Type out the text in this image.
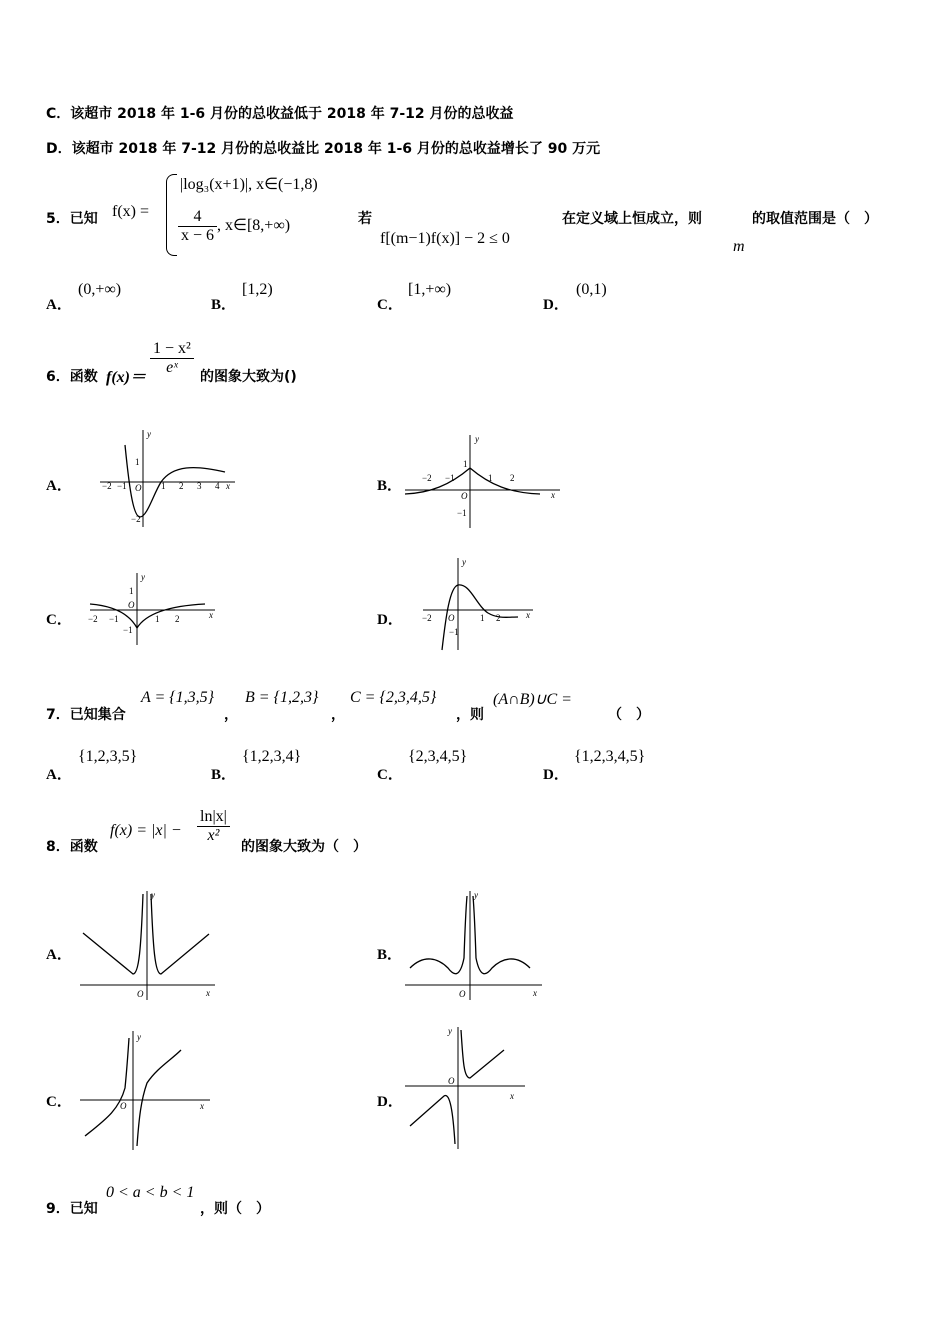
C．该超市 2018 年 1-6 月份的总收益低于 2018 年 7-12 月份的总收益
D．该超市 2018 年 7-12 月份的总收益比 2018 年 1-6 月份的总收益增长了 90 万元
5．已知 f(x) =
|log₃(x+1)|, x∈(−1,8)
$\frac{4}{x - 6}$ , x∈[8,+∞)	若
f[(m−1)f(x)] − 2 ≤ 0
在定义域上恒成立，则
m
的取值范围是（　）
A．
(0,+∞)
B．
[1,2)
C．
[1,+∞)
D．
(0,1)
6．函数 f(x)＝
$\frac{\text{1 − x²}}{\text{eˣ}}$ 的图象大致为()
A．	B．
C．	D．
y
x
O
−2 −1	1 2 3 4
1
−2
y
x
O
−2 −1	1 2
1
−1
y
x
O
−2 −1	1 2
1
−1
y
x
O
−2	1 2
−1
7．已知集合
A = {1,3,5}
，
B = {1,2,3}
，
C = {2,3,4,5}
，则
(A∩B)∪C =
（　）
A．
{1,2,3,5}
B．
{1,2,3,4}
C．
{2,3,4,5}
D．
{1,2,3,4,5}
8．函数
$f(x) = |x| - \frac{\ln|x|}{\text{x²}}$
的图象大致为（　）
A．	B．
C．	D．
y
x
O
y
x
O
y
x
O
y
x
O
9．已知
0 < a < b < 1
，则（　）
